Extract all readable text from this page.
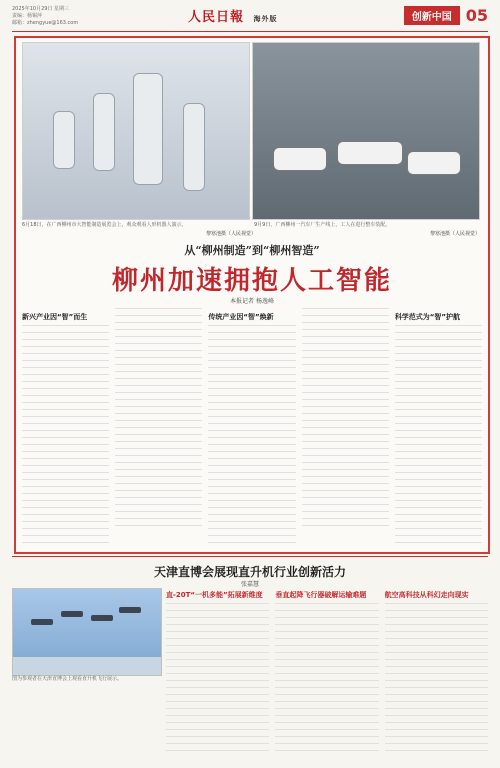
2025年10月29日 星期三
责编：杨锡萍
邮箱：zhengyue@163.com	人民日報 海外版	创新中国 05
6月18日，在广西柳州市大智能制造展览会上，观众观看人形机器人演示。	9月9日，广西柳州一汽车厂生产线上，工人在进行整车装配。
黎寒池摄（人民视觉）	黎寒池摄（人民视觉）
从“柳州制造”到“柳州智造”
柳州加速拥抱人工智能
本报记者 杨逸峰
新兴产业因“智”而生	传统产业因“智”焕新	科学范式为“智”护航
天津直博会展现直升机行业创新活力
张嘉慧
图为参观者在天津直博会上观看直升机飞行展示。
直-20T“一机多能”拓展新维度	垂直起降飞行器破解运输难题	航空高科技从科幻走向现实
